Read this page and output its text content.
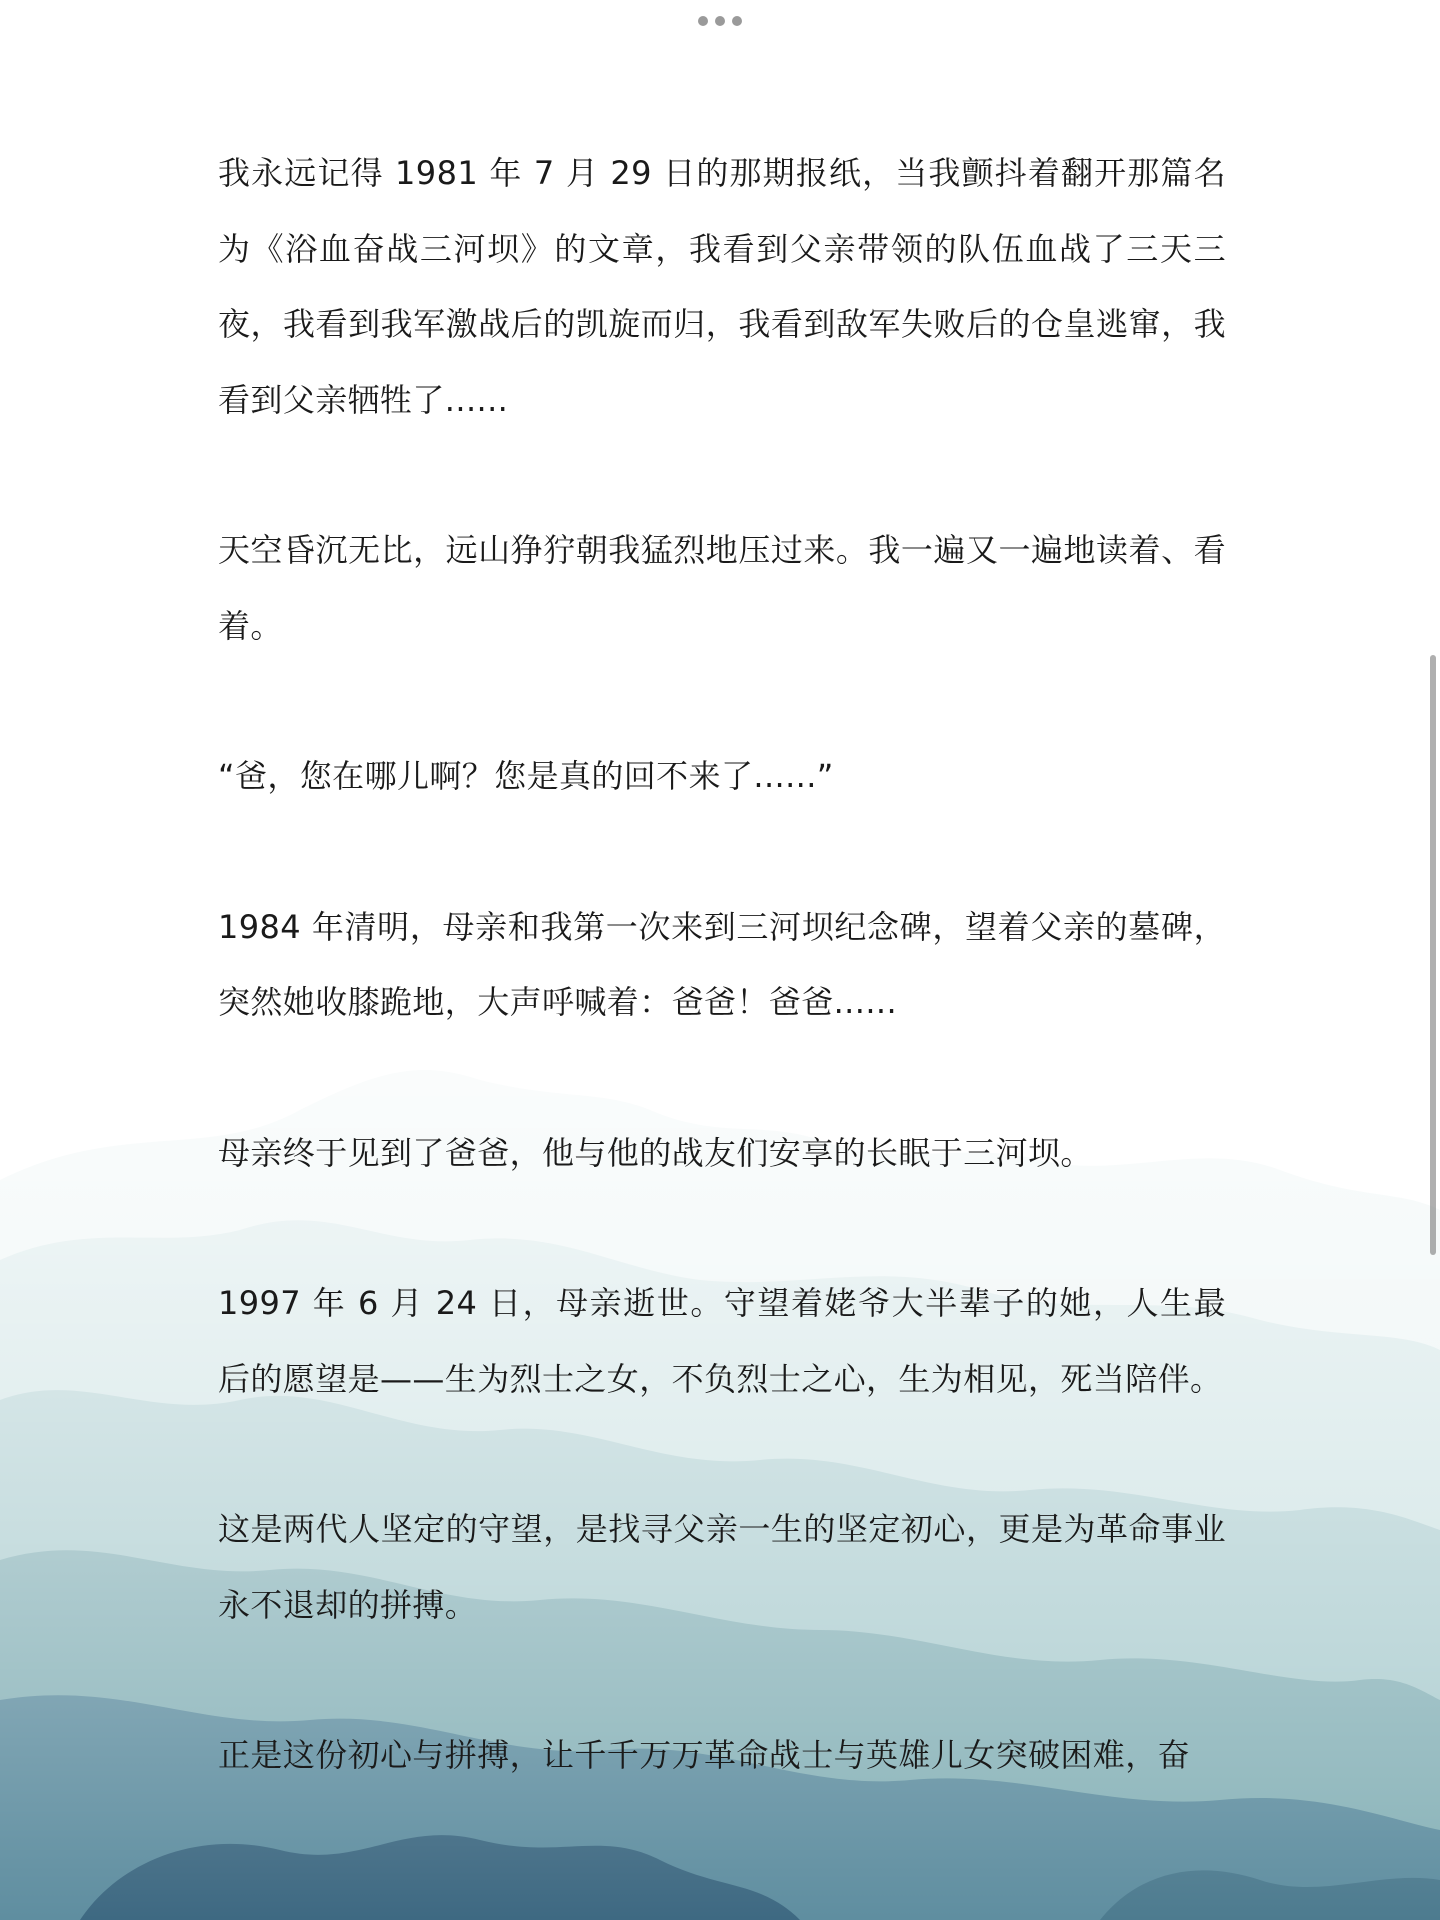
我永远记得 1981 年 7 月 29 日的那期报纸，当我颤抖着翻开那篇名为《浴血奋战三河坝》的文章，我看到父亲带领的队伍血战了三天三夜，我看到我军激战后的凯旋而归，我看到敌军失败后的仓皇逃窜，我看到父亲牺牲了......

天空昏沉无比，远山狰狞朝我猛烈地压过来。我一遍又一遍地读着、看着。

“爸，您在哪儿啊？您是真的回不来了......”

1984 年清明，母亲和我第一次来到三河坝纪念碑，望着父亲的墓碑，突然她收膝跪地，大声呼喊着：爸爸！爸爸......

母亲终于见到了爸爸，他与他的战友们安享的长眠于三河坝。

1997 年 6 月 24 日，母亲逝世。守望着姥爷大半辈子的她，人生最后的愿望是——生为烈士之女，不负烈士之心，生为相见，死当陪伴。

这是两代人坚定的守望，是找寻父亲一生的坚定初心，更是为革命事业永不退却的拼搏。

正是这份初心与拼搏，让千千万万革命战士与英雄儿女突破困难，奋
